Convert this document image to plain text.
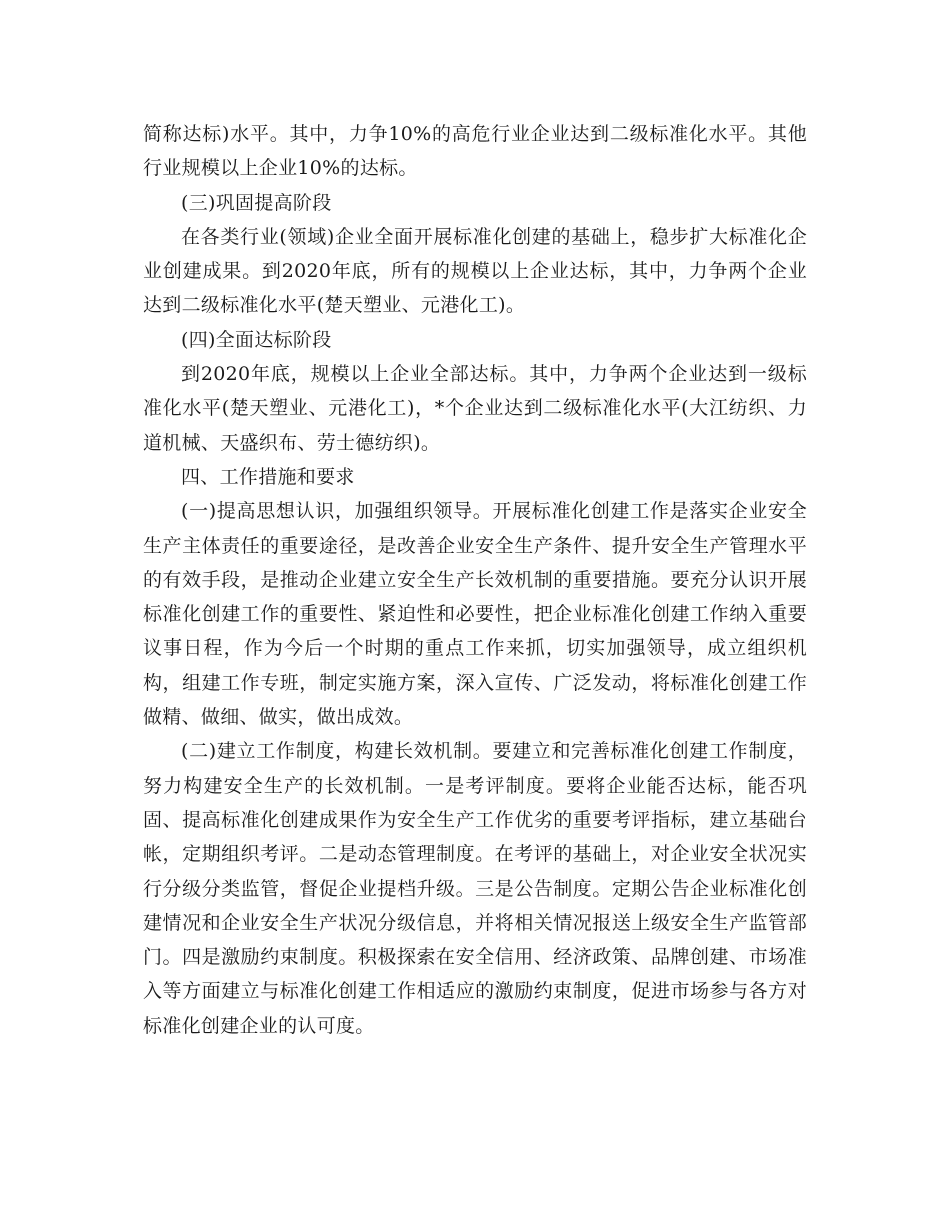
简称达标)水平。其中，力争10%的高危行业企业达到二级标准化水平。其他行业规模以上企业10%的达标。

(三)巩固提高阶段

在各类行业(领域)企业全面开展标准化创建的基础上，稳步扩大标准化企业创建成果。到2020年底，所有的规模以上企业达标，其中，力争两个企业达到二级标准化水平(楚天塑业、元港化工)。

(四)全面达标阶段

到2020年底，规模以上企业全部达标。其中，力争两个企业达到一级标准化水平(楚天塑业、元港化工)，*个企业达到二级标准化水平(大江纺织、力道机械、天盛织布、劳士德纺织)。

四、工作措施和要求

(一)提高思想认识，加强组织领导。开展标准化创建工作是落实企业安全生产主体责任的重要途径，是改善企业安全生产条件、提升安全生产管理水平的有效手段，是推动企业建立安全生产长效机制的重要措施。要充分认识开展标准化创建工作的重要性、紧迫性和必要性，把企业标准化创建工作纳入重要议事日程，作为今后一个时期的重点工作来抓，切实加强领导，成立组织机构，组建工作专班，制定实施方案，深入宣传、广泛发动，将标准化创建工作做精、做细、做实，做出成效。

(二)建立工作制度，构建长效机制。要建立和完善标准化创建工作制度，努力构建安全生产的长效机制。一是考评制度。要将企业能否达标，能否巩固、提高标准化创建成果作为安全生产工作优劣的重要考评指标，建立基础台帐，定期组织考评。二是动态管理制度。在考评的基础上，对企业安全状况实行分级分类监管，督促企业提档升级。三是公告制度。定期公告企业标准化创建情况和企业安全生产状况分级信息，并将相关情况报送上级安全生产监管部门。四是激励约束制度。积极探索在安全信用、经济政策、品牌创建、市场准入等方面建立与标准化创建工作相适应的激励约束制度，促进市场参与各方对标准化创建企业的认可度。
